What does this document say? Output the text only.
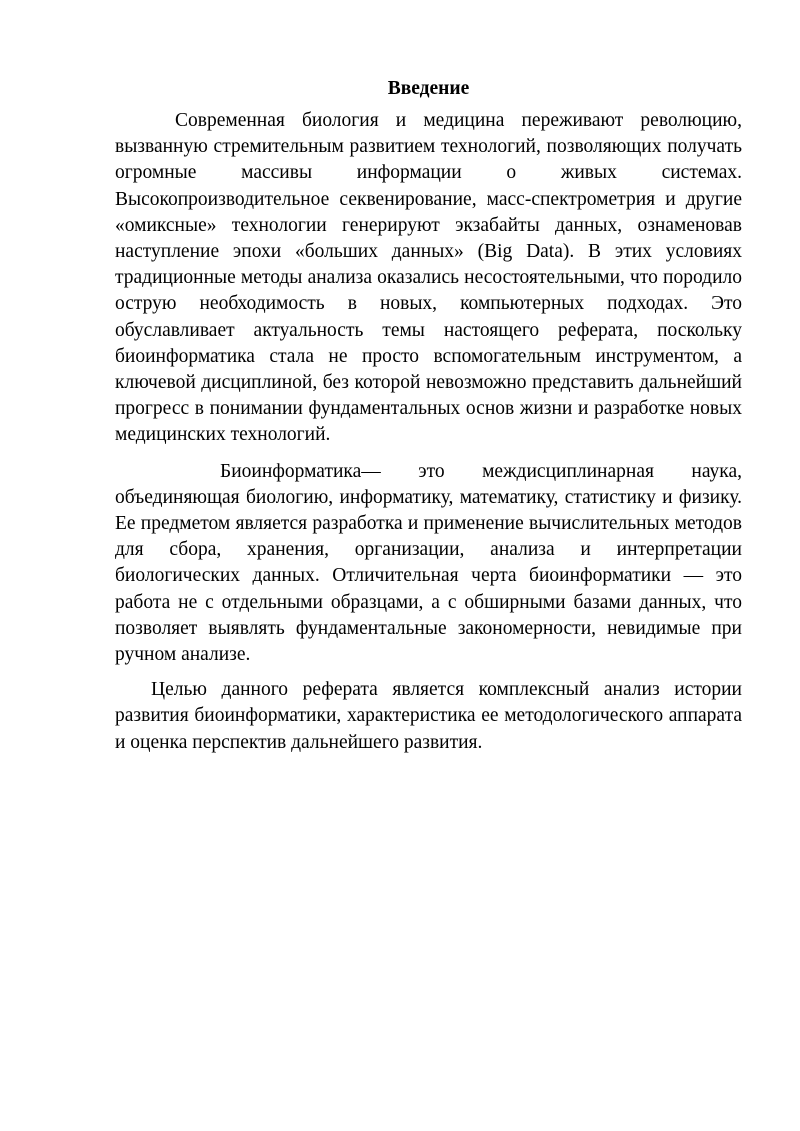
Введение

Современная биология и медицина переживают революцию, вызванную стремительным развитием технологий, позволяющих получать огромные массивы информации о живых системах. Высокопроизводительное секвенирование, масс-спектрометрия и другие «омиксные» технологии генерируют экзабайты данных, ознаменовав наступление эпохи «больших данных» (Big Data). В этих условиях традиционные методы анализа оказались несостоятельными, что породило острую необходимость в новых, компьютерных подходах. Это обуславливает актуальность темы настоящего реферата, поскольку биоинформатика стала не просто вспомогательным инструментом, а ключевой дисциплиной, без которой невозможно представить дальнейший прогресс в понимании фундаментальных основ жизни и разработке новых медицинских технологий.

Биоинформатика— это междисциплинарная наука, объединяющая биологию, информатику, математику, статистику и физику. Ее предметом является разработка и применение вычислительных методов для сбора, хранения, организации, анализа и интерпретации биологических данных. Отличительная черта биоинформатики — это работа не с отдельными образцами, а с обширными базами данных, что позволяет выявлять фундаментальные закономерности, невидимые при ручном анализе.

Целью данного реферата является комплексный анализ истории развития биоинформатики, характеристика ее методологического аппарата и оценка перспектив дальнейшего развития.
